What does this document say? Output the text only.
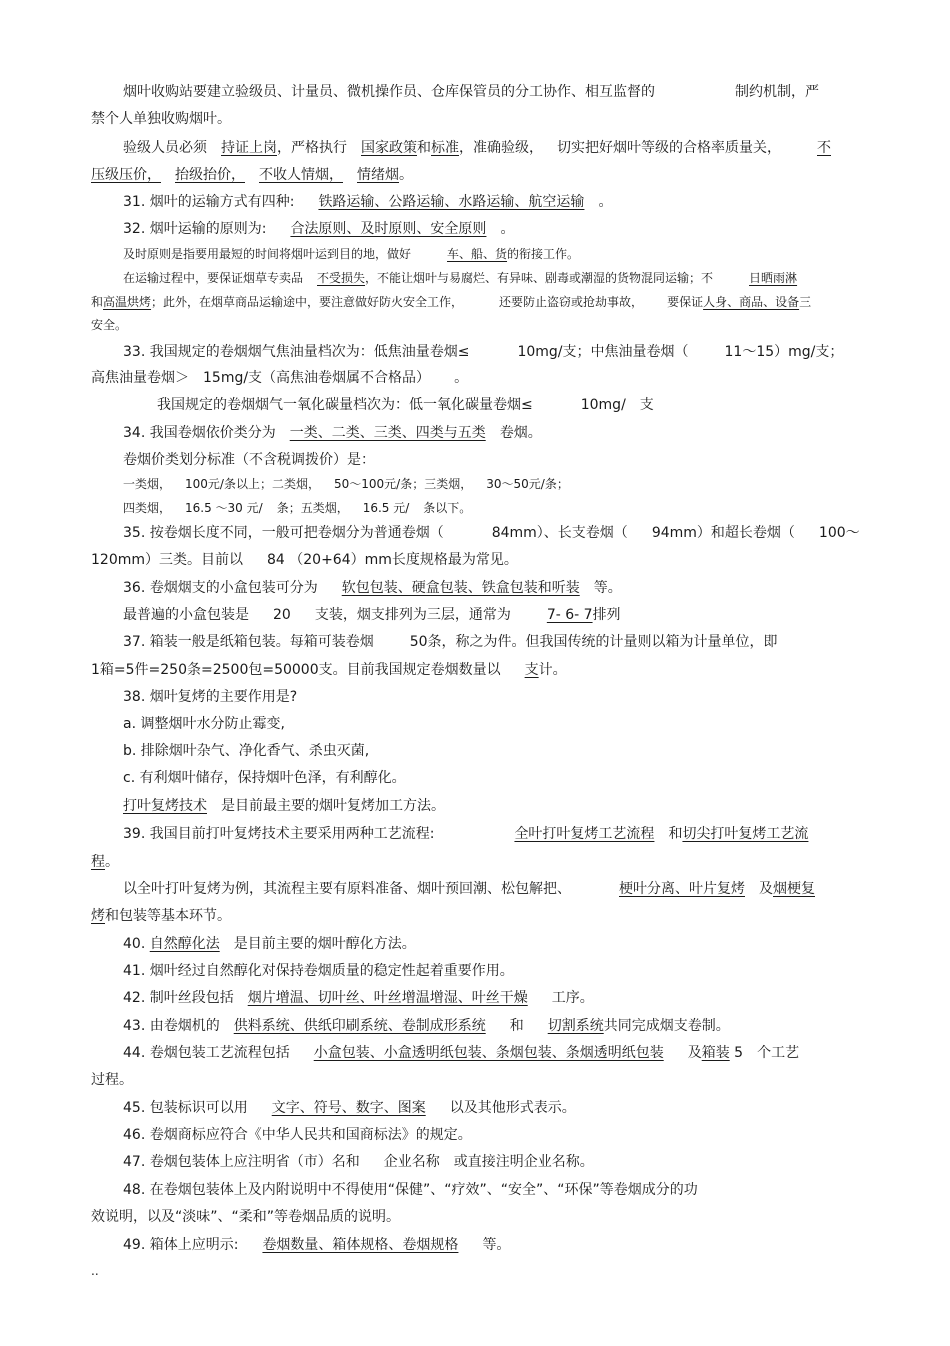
烟叶收购站要建立验级员、计量员、微机操作员、仓库保管员的分工协作、相互监督的	制约机制，严
禁个人单独收购烟叶。
验级人员必须 持证上岗，严格执行 国家政策和标准，准确验级， 切实把好烟叶等级的合格率质量关，	不
压级压价， 抬级抬价， 不收人情烟， 情绪烟。
31. 烟叶的运输方式有四种: 铁路运输、公路运输、水路运输、航空运输 。
32. 烟叶运输的原则为: 合法原则、及时原则、安全原则 。
及时原则是指要用最短的时间将烟叶运到目的地，做好	车、船、货的衔接工作。
在运输过程中，要保证烟草专卖品 不受损失，不能让烟叶与易腐烂、有异味、剧毒或潮湿的货物混同运输；不	日晒雨淋
和高温烘烤；此外，在烟草商品运输途中，要注意做好防火安全工作，	还要防止盗窃或抢劫事故， 要保证人身、商品、设备三
安全。
33. 我国规定的卷烟烟气焦油量档次为：低焦油量卷烟≤	10mg/支；中焦油量卷烟（	11～15）mg/支；
高焦油量卷烟＞ 15mg/支（高焦油卷烟属不合格品） 。
我国规定的卷烟烟气一氧化碳量档次为：低一氧化碳量卷烟≤	10mg/ 支
34. 我国卷烟依价类分为 一类、二类、三类、四类与五类 卷烟。
卷烟价类划分标准（不含税调拨价）是：
一类烟， 100元/条以上；二类烟， 50～100元/条；三类烟， 30～50元/条；
四类烟， 16.5 ～30 元/ 条；五类烟， 16.5 元/ 条以下。
35. 按卷烟长度不同，一般可把卷烟分为普通卷烟（	84mm）、长支卷烟（ 94mm）和超长卷烟（ 100～
120mm）三类。目前以 84 （20+64）mm长度规格最为常见。
36. 卷烟烟支的小盒包装可分为 软包包装、硬盒包装、铁盒包装和听装 等。
最普遍的小盒包装是 20 支装，烟支排列为三层，通常为	7- 6- 7排列
37. 箱装一般是纸箱包装。每箱可装卷烟	50条，称之为件。但我国传统的计量则以箱为计量单位，即
1箱=5件=250条=2500包=50000支。目前我国规定卷烟数量以 支计。
38. 烟叶复烤的主要作用是?
a. 调整烟叶水分防止霉变,
b. 排除烟叶杂气、净化香气、杀虫灭菌,
c. 有利烟叶储存，保持烟叶色泽，有利醇化。
打叶复烤技术 是目前最主要的烟叶复烤加工方法。
39. 我国目前打叶复烤技术主要采用两种工艺流程:	全叶打叶复烤工艺流程 和切尖打叶复烤工艺流
程。
以全叶打叶复烤为例，其流程主要有原料准备、烟叶预回潮、松包解把、	梗叶分离、叶片复烤 及烟梗复
烤和包装等基本环节。
40. 自然醇化法 是目前主要的烟叶醇化方法。
41. 烟叶经过自然醇化对保持卷烟质量的稳定性起着重要作用。
42. 制叶丝段包括 烟片增温、切叶丝、叶丝增温增湿、叶丝干燥 工序。
43. 由卷烟机的 供料系统、供纸印刷系统、卷制成形系统 和 切割系统共同完成烟支卷制。
44. 卷烟包装工艺流程包括 小盒包装、小盒透明纸包装、条烟包装、条烟透明纸包装 及箱装 5 个工艺
过程。
45. 包装标识可以用 文字、符号、数字、图案 以及其他形式表示。
46. 卷烟商标应符合《中华人民共和国商标法》的规定。
47. 卷烟包装体上应注明省（市）名和 企业名称 或直接注明企业名称。
48. 在卷烟包装体上及内附说明中不得使用“保健”、“疗效”、“安全”、“环保”等卷烟成分的功
效说明，以及“淡味”、“柔和”等卷烟品质的说明。
49. 箱体上应明示: 卷烟数量、箱体规格、卷烟规格 等。
..
